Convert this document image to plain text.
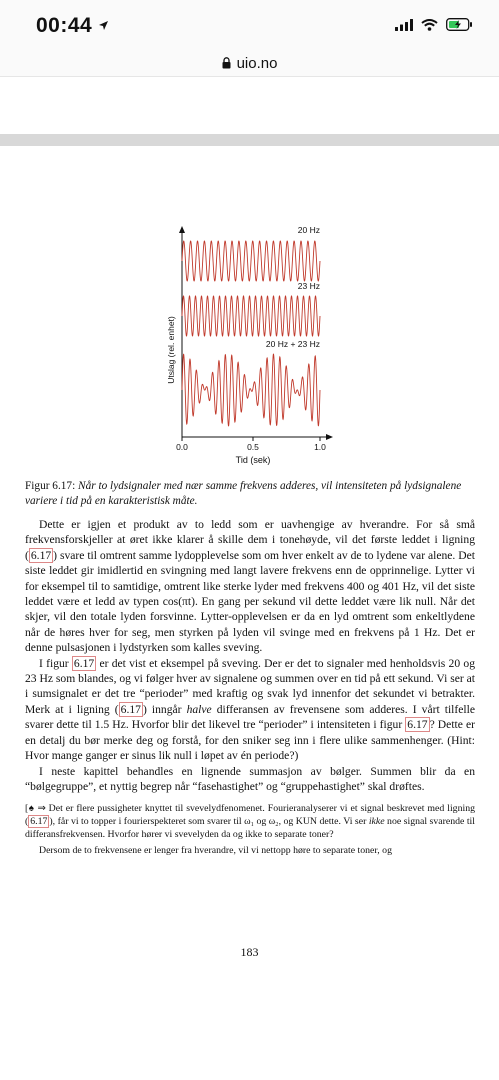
00:44
uio.no
Utslag (rel. enhet)
0.0	0.5	1.0
Tid (sek)
20 Hz
23 Hz
20 Hz + 23 Hz
Figur 6.17: Når to lydsignaler med nær samme frekvens adderes, vil intensiteten på lydsignalene variere i tid på en karakteristisk måte.

Dette er igjen et produkt av to ledd som er uavhengige av hverandre. For så små frekvensforskjeller at øret ikke klarer å skille dem i tonehøyde, vil det første leddet i ligning ( 6.17 ) svare til omtrent samme lydopplevelse som om hver enkelt av de to lydene var alene. Det siste leddet gir imidlertid en svingning med langt lavere frekvens enn de opprinnelige. Lytter vi for eksempel til to samtidige, omtrent like sterke lyder med frekvens 400 og 401 Hz, vil det siste leddet være et ledd av typen cos(πt). En gang per sekund vil dette leddet være lik null. Når det skjer, vil den totale lyden forsvinne. Lytter-opplevelsen er da en lyd omtrent som enkeltlydene når de høres hver for seg, men styrken på lyden vil svinge med en frekvens på 1 Hz. Det er denne pulsasjonen i lydstyrken som kalles sveving.

I figur 6.17 er det vist et eksempel på sveving. Der er det to signaler med henholdsvis 20 og 23 Hz som blandes, og vi følger hver av signalene og summen over en tid på ett sekund. Vi ser at i sumsignalet er det tre “perioder” med kraftig og svak lyd innenfor det sekundet vi betrakter. Merk at i ligning ( 6.17 ) inngår halve differansen av frevensene som adderes. I vårt tilfelle svarer dette til 1.5 Hz. Hvorfor blir det likevel tre “perioder” i intensiteten i figur 6.17 ? Dette er en detalj du bør merke deg og forstå, for den sniker seg inn i flere ulike sammenhenger. (Hint: Hvor mange ganger er sinus lik null i løpet av én periode?)

I neste kapittel behandles en lignende summasjon av bølger. Summen blir da en “bølgegruppe”, et nyttig begrep når “fasehastighet” og “gruppehastighet” skal drøftes.

[♠ ⇒ Det er flere pussigheter knyttet til svevelydfenomenet. Fourieranalyserer vi et signal beskrevet med ligning ( 6.17 ), får vi to topper i fourierspekteret som svarer til ω₁ og ω₂, og KUN dette. Vi ser ikke noe signal svarende til differansfrekvensen. Hvorfor hører vi svevelyden da og ikke to separate toner?

Dersom de to frekvensene er lenger fra hverandre, vil vi nettopp høre to separate toner, og

183
